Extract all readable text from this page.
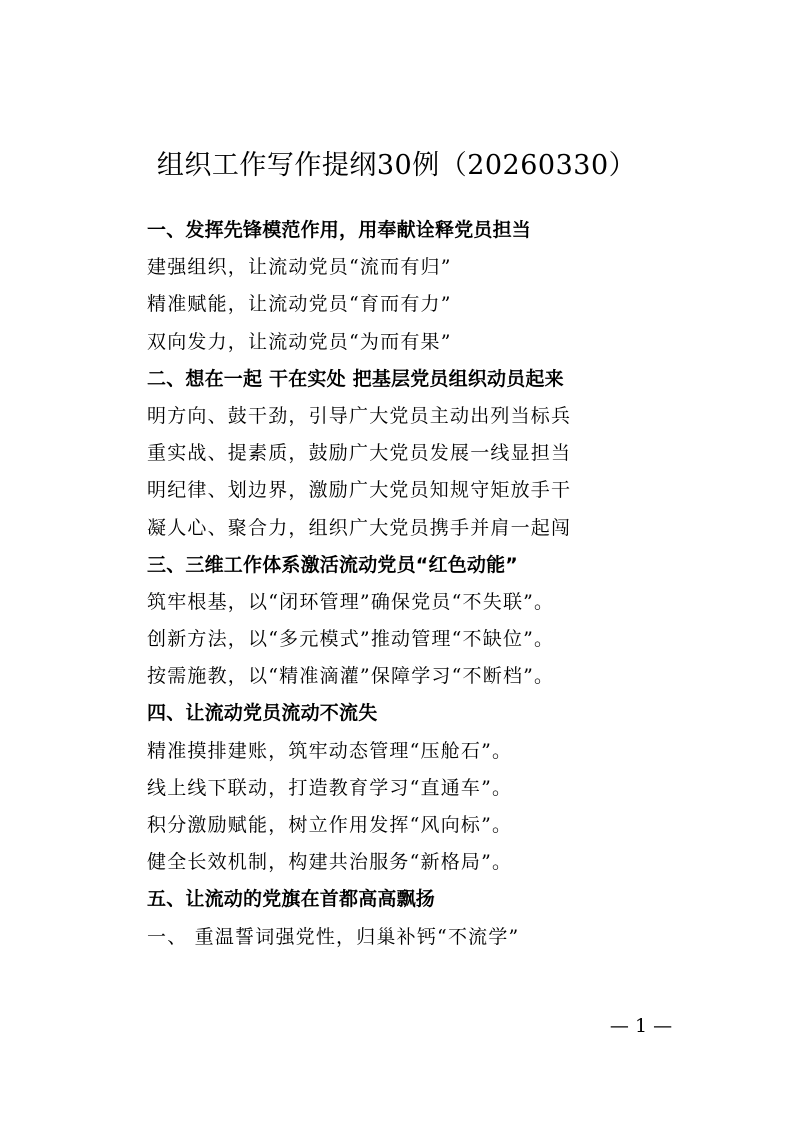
组织工作写作提纲30例（20260330）
一、发挥先锋模范作用，用奉献诠释党员担当
建强组织，让流动党员“流而有归”
精准赋能，让流动党员“育而有力”
双向发力，让流动党员“为而有果”
二、想在一起 干在实处 把基层党员组织动员起来
明方向、鼓干劲，引导广大党员主动出列当标兵
重实战、提素质，鼓励广大党员发展一线显担当
明纪律、划边界，激励广大党员知规守矩放手干
凝人心、聚合力，组织广大党员携手并肩一起闯
三、三维工作体系激活流动党员“红色动能”
筑牢根基，以“闭环管理”确保党员“不失联”。
创新方法，以“多元模式”推动管理“不缺位”。
按需施教，以“精准滴灌”保障学习“不断档”。
四、让流动党员流动不流失
精准摸排建账，筑牢动态管理“压舱石”。
线上线下联动，打造教育学习“直通车”。
积分激励赋能，树立作用发挥“风向标”。
健全长效机制，构建共治服务“新格局”。
五、让流动的党旗在首都高高飘扬
一、 重温誓词强党性，归巢补钙“不流学”
— 1 —
